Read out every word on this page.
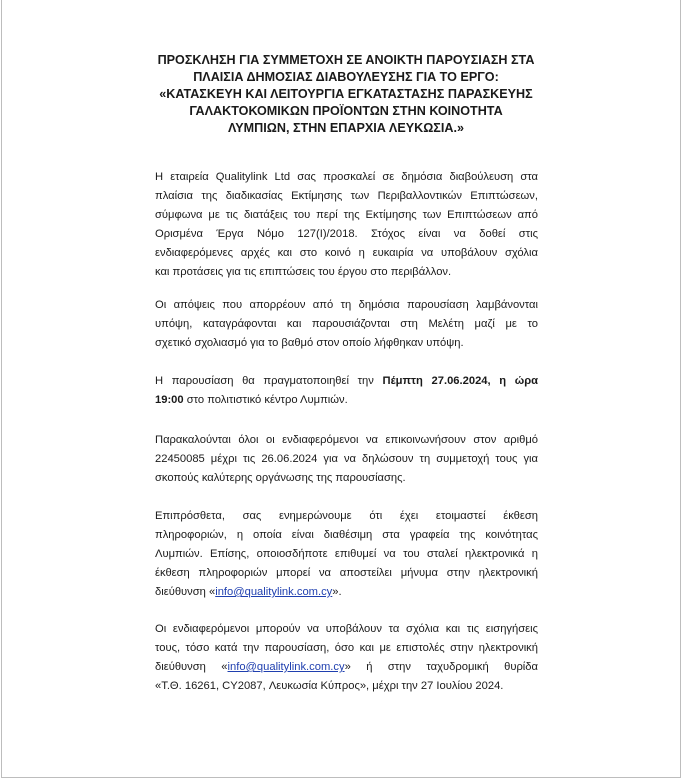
ΠΡΟΣΚΛΗΣΗ ΓΙΑ ΣΥΜΜΕΤΟΧΗ ΣΕ ΑΝΟΙΚΤΗ ΠΑΡΟΥΣΙΑΣΗ ΣΤΑ
ΠΛΑΙΣΙΑ ΔΗΜΟΣΙΑΣ ΔΙΑΒΟΥΛΕΥΣΗΣ ΓΙΑ ΤΟ ΕΡΓΟ:
«ΚΑΤΑΣΚΕΥΗ ΚΑΙ ΛΕΙΤΟΥΡΓΙΑ ΕΓΚΑΤΑΣΤΑΣΗΣ ΠΑΡΑΣΚΕΥΗΣ
ΓΑΛΑΚΤΟΚΟΜΙΚΩΝ ΠΡΟΪΟΝΤΩΝ ΣΤΗΝ ΚΟΙΝΟΤΗΤΑ
ΛΥΜΠΙΩΝ, ΣΤΗΝ ΕΠΑΡΧΙΑ ΛΕΥΚΩΣΙΑ.»
Η εταιρεία Qualitylink Ltd σας προσκαλεί σε δημόσια διαβούλευση στα
πλαίσια της διαδικασίας Εκτίμησης των Περιβαλλοντικών Επιπτώσεων,
σύμφωνα με τις διατάξεις του περί της Εκτίμησης των Επιπτώσεων από
Ορισμένα Έργα Νόμο 127(Ι)/2018. Στόχος είναι να δοθεί στις
ενδιαφερόμενες αρχές και στο κοινό η ευκαιρία να υποβάλουν σχόλια
και προτάσεις για τις επιπτώσεις του έργου στο περιβάλλον.
Οι απόψεις που απορρέουν από τη δημόσια παρουσίαση λαμβάνονται
υπόψη, καταγράφονται και παρουσιάζονται στη Μελέτη μαζί με το
σχετικό σχολιασμό για το βαθμό στον οποίο λήφθηκαν υπόψη.
Η παρουσίαση θα πραγματοποιηθεί την Πέμπτη 27.06.2024, η ώρα
19:00 στο πολιτιστικό κέντρο Λυμπιών.
Παρακαλούνται όλοι οι ενδιαφερόμενοι να επικοινωνήσουν στον αριθμό
22450085 μέχρι τις 26.06.2024 για να δηλώσουν τη συμμετοχή τους για
σκοπούς καλύτερης οργάνωσης της παρουσίασης.
Επιπρόσθετα, σας ενημερώνουμε ότι έχει ετοιμαστεί έκθεση
πληροφοριών, η οποία είναι διαθέσιμη στα γραφεία της κοινότητας
Λυμπιών. Επίσης, οποιοσδήποτε επιθυμεί να του σταλεί ηλεκτρονικά η
έκθεση πληροφοριών μπορεί να αποστείλει μήνυμα στην ηλεκτρονική
διεύθυνση «info@qualitylink.com.cy».
Οι ενδιαφερόμενοι μπορούν να υποβάλουν τα σχόλια και τις εισηγήσεις
τους, τόσο κατά την παρουσίαση, όσο και με επιστολές στην ηλεκτρονική
διεύθυνση «info@qualitylink.com.cy» ή στην ταχυδρομική θυρίδα
«Τ.Θ. 16261, CY2087, Λευκωσία Κύπρος», μέχρι την 27 Ιουλίου 2024.
